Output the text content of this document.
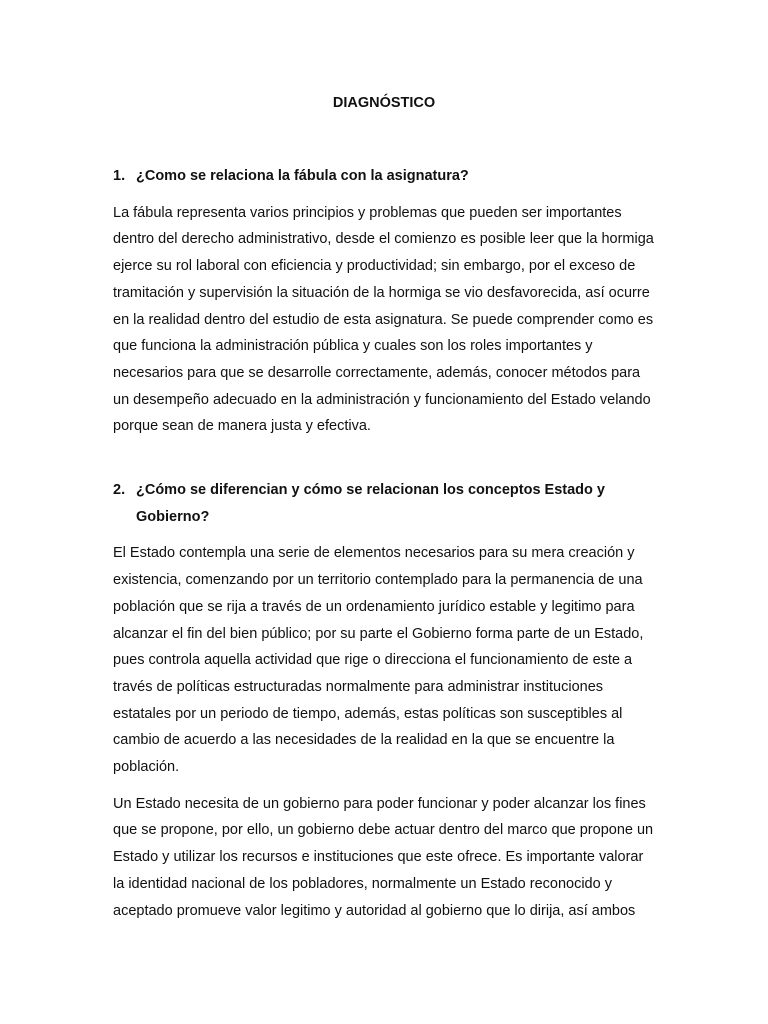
DIAGNÓSTICO

1. ¿Como se relaciona la fábula con la asignatura?

La fábula representa varios principios y problemas que pueden ser importantes dentro del derecho administrativo, desde el comienzo es posible leer que la hormiga ejerce su rol laboral con eficiencia y productividad; sin embargo, por el exceso de tramitación y supervisión la situación de la hormiga se vio desfavorecida, así ocurre en la realidad dentro del estudio de esta asignatura. Se puede comprender como es que funciona la administración pública y cuales son los roles importantes y necesarios para que se desarrolle correctamente, además, conocer métodos para un desempeño adecuado en la administración y funcionamiento del Estado velando porque sean de manera justa y efectiva.

2. ¿Cómo se diferencian y cómo se relacionan los conceptos Estado y Gobierno?

El Estado contempla una serie de elementos necesarios para su mera creación y existencia, comenzando por un territorio contemplado para la permanencia de una población que se rija a través de un ordenamiento jurídico estable y legitimo para alcanzar el fin del bien público; por su parte el Gobierno forma parte de un Estado, pues controla aquella actividad que rige o direcciona el funcionamiento de este a través de políticas estructuradas normalmente para administrar instituciones estatales por un periodo de tiempo, además, estas políticas son susceptibles al cambio de acuerdo a las necesidades de la realidad en la que se encuentre la población.

Un Estado necesita de un gobierno para poder funcionar y poder alcanzar los fines que se propone, por ello, un gobierno debe actuar dentro del marco que propone un Estado y utilizar los recursos e instituciones que este ofrece. Es importante valorar la identidad nacional de los pobladores, normalmente un Estado reconocido y aceptado promueve valor legitimo y autoridad al gobierno que lo dirija, así ambos
